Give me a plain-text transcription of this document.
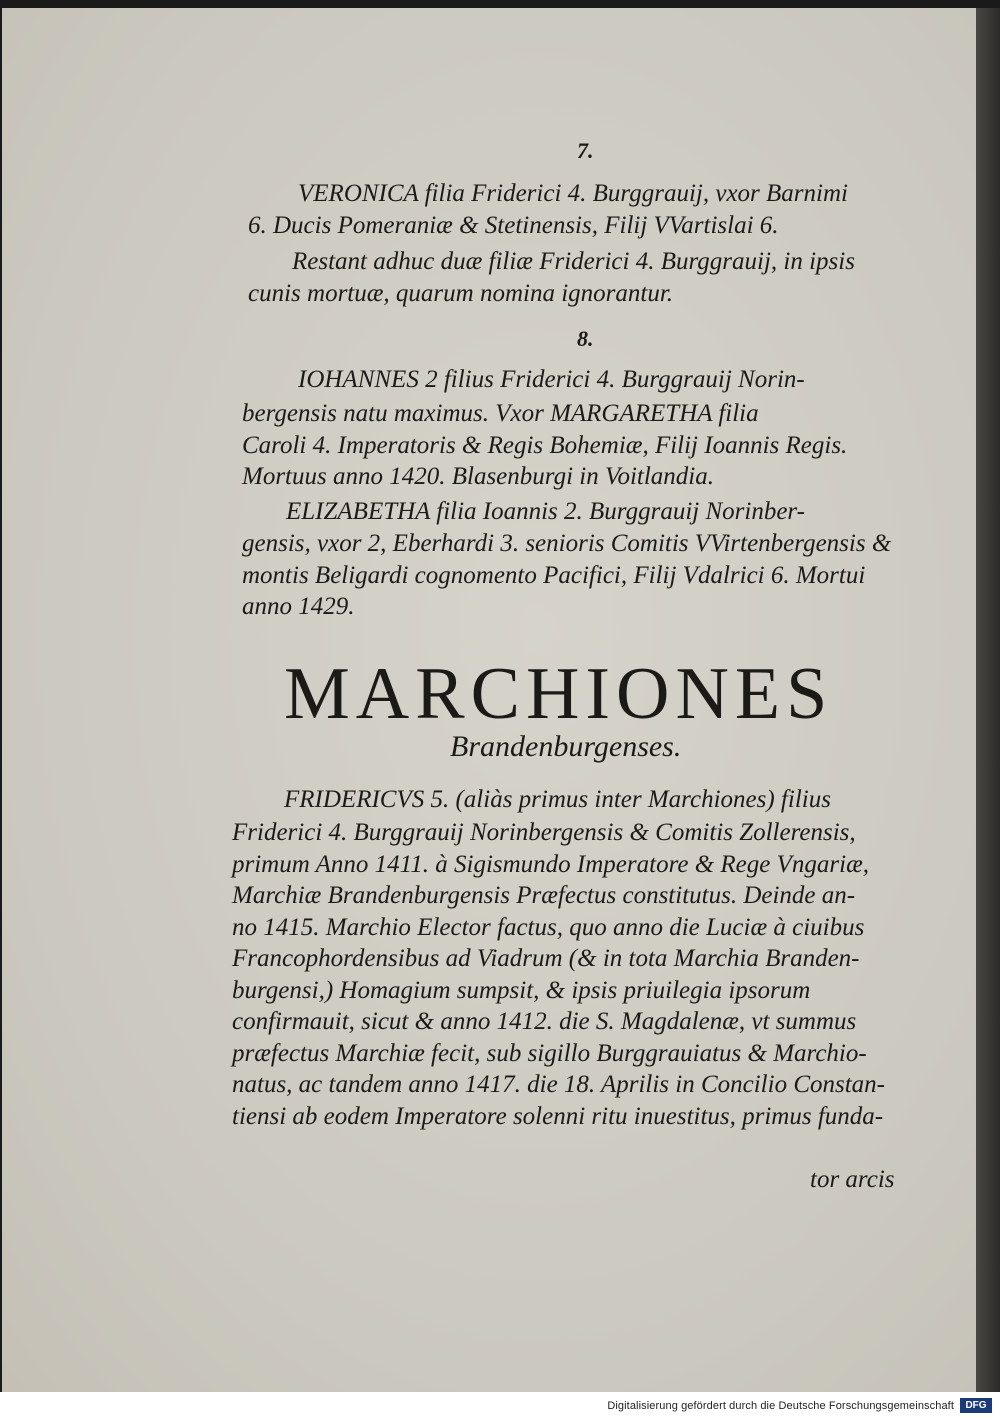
7.
VERONICA filia Friderici 4. Burggrauij, vxor Barnimi
6. Ducis Pomeraniæ & Stetinensis, Filij VVartislai 6.
Restant adhuc duæ filiæ Friderici 4. Burggrauij, in ipsis
cunis mortuæ, quarum nomina ignorantur.
8.
IOHANNES 2 filius Friderici 4. Burggrauij Norin-
bergensis natu maximus. Vxor MARGARETHA filia
Caroli 4. Imperatoris & Regis Bohemiæ, Filij Ioannis Regis.
Mortuus anno 1420. Blasenburgi in Voitlandia.
ELIZABETHA filia Ioannis 2. Burggrauij Norinber-
gensis, vxor 2, Eberhardi 3. senioris Comitis VVirtenbergensis &
montis Beligardi cognomento Pacifici, Filij Vdalrici 6. Mortui
anno 1429.
MARCHIONES
Brandenburgenses.
FRIDERICVS 5. (aliàs primus inter Marchiones) filius
Friderici 4. Burggrauij Norinbergensis & Comitis Zollerensis,
primum Anno 1411. à Sigismundo Imperatore & Rege Vngariæ,
Marchiæ Brandenburgensis Præfectus constitutus. Deinde an-
no 1415. Marchio Elector factus, quo anno die Luciæ à ciuibus
Francophordensibus ad Viadrum (& in tota Marchia Branden-
burgensi,) Homagium sumpsit, & ipsis priuilegia ipsorum
confirmauit, sicut & anno 1412. die S. Magdalenæ, vt summus
præfectus Marchiæ fecit, sub sigillo Burggrauiatus & Marchio-
natus, ac tandem anno 1417. die 18. Aprilis in Concilio Constan-
tiensi ab eodem Imperatore solenni ritu inuestitus, primus funda-
tor arcis
Digitalisierung gefördert durch die Deutsche Forschungsgemeinschaft	DFG
